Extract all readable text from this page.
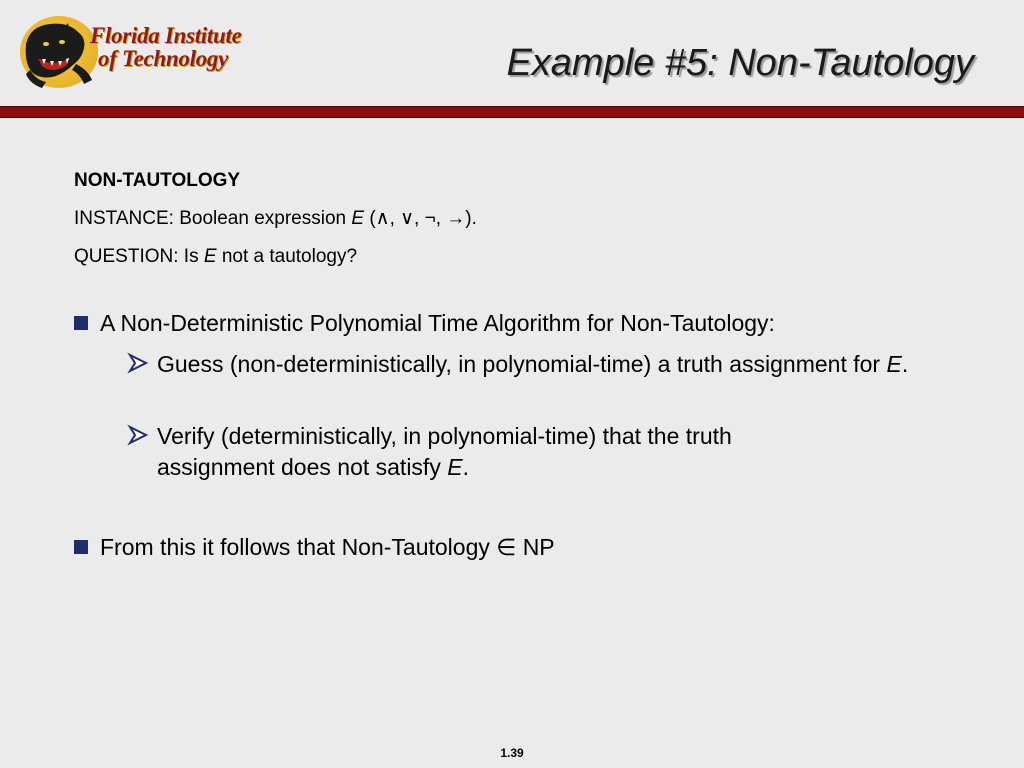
Florida Institute
of Technology	Example #5: Non-Tautology
NON-TAUTOLOGY
INSTANCE: Boolean expression E (∧, ∨, ¬, →).
QUESTION: Is E not a tautology?
A Non-Deterministic Polynomial Time Algorithm for Non-Tautology:
Guess (non-deterministically, in polynomial-time) a truth assignment for E.
Verify (deterministically, in polynomial-time) that the truth assignment does not satisfy E.
From this it follows that Non-Tautology ∈ NP
1.39
